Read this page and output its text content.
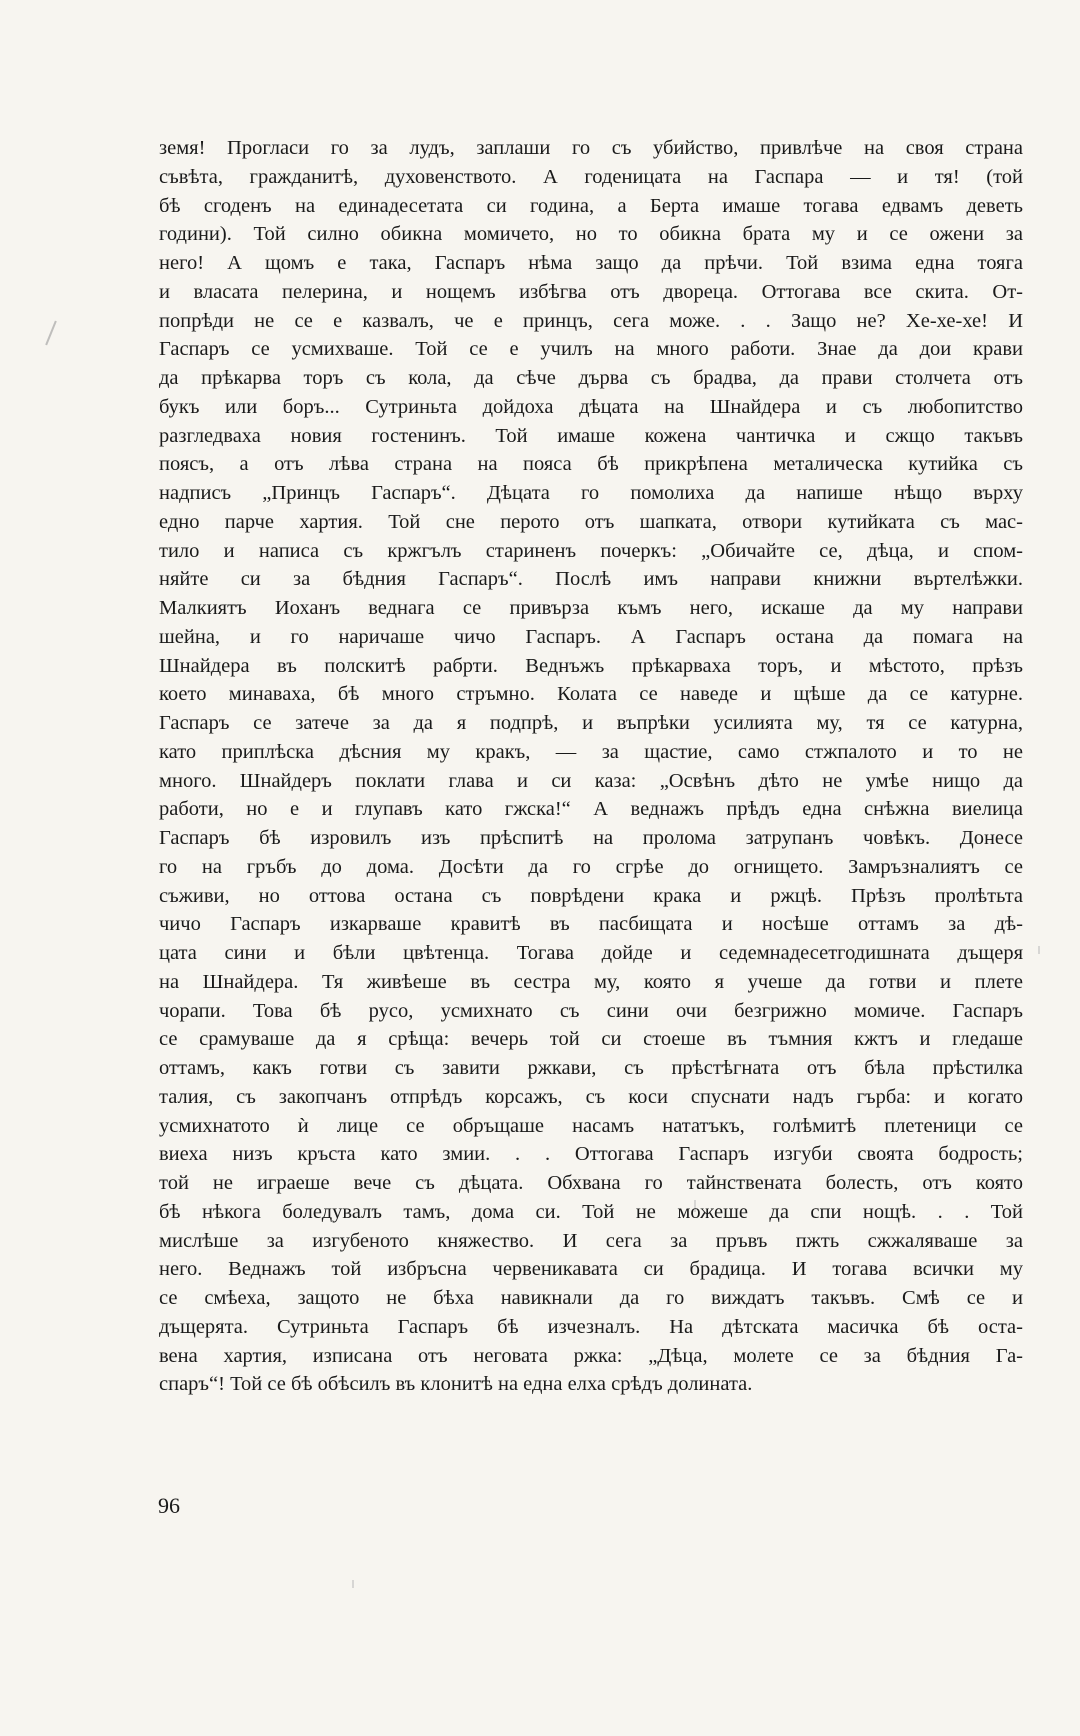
земя! Прогласи го за лудъ, заплаши го съ убийство, привлѣче на своя страна
съвѣта, гражданитѣ, духовенството. А годеницата на Гаспара — и тя! (той
бѣ сгоденъ на единадесетата си година, а Берта имаше тогава едвамъ деветь
години). Той силно обикна момичето, но то обикна брата му и се ожени за
него! А щомъ е така, Гаспаръ нѣма защо да прѣчи. Той взима една тояга
и власата пелерина, и нощемъ избѣгва отъ двореца. Оттогава все скита. От-
попрѣди не се е казвалъ, че е принцъ, сега може. . . Защо не? Хе-хе-хе! И
Гаспаръ се усмихваше. Той се е училъ на много работи. Знае да дои крави
да прѣкарва торъ съ кола, да сѣче дърва съ брадва, да прави столчета отъ
букъ или боръ... Сутриньта дойдоха дѣцата на Шнайдера и съ любопитство
разгледваха новия гостенинъ. Той имаше кожена чантичка и сжщо такъвъ
поясъ, а отъ лѣва страна на пояса бѣ прикрѣпена металическа кутийка съ
надписъ „Принцъ Гаспаръ“. Дѣцата го помолиха да напише нѣщо върху
едно парче хартия. Той сне перото отъ шапката, отвори кутийката съ мас-
тило и написа съ кржгълъ стариненъ почеркъ: „Обичайте се, дѣца, и спом-
няйте си за бѣдния Гаспаръ“. Послѣ имъ направи книжни въртелѣжки.
Малкиятъ Иоханъ веднага се привърза къмъ него, искаше да му направи
шейна, и го наричаше чичо Гаспаръ. А Гаспаръ остана да помага на
Шнайдера въ полскитѣ рабрти. Веднъжъ прѣкарваха торъ, и мѣстото, прѣзъ
което минаваха, бѣ много стръмно. Колата се наведе и щѣше да се катурне.
Гаспаръ се затече за да я подпрѣ, и въпрѣки усилията му, тя се катурна,
като приплѣска дѣсния му кракъ, — за щастие, само стжпалото и то не
много. Шнайдеръ поклати глава и си каза: „Освѣнъ дѣто не умѣе нищо да
работи, но е и глупавъ като гжска!“ А веднажъ прѣдъ една снѣжна виелица
Гаспаръ бѣ изровилъ изъ прѣспитѣ на пролома затрупанъ човѣкъ. Донесе
го на гръбъ до дома. Досѣти да го сгрѣе до огнището. Замръзналиятъ се
съживи, но оттова остана съ поврѣдени крака и ржцѣ. Прѣзъ пролѣтьта
чичо Гаспаръ изкарваше кравитѣ въ пасбищата и носѣше оттамъ за дѣ-
цата сини и бѣли цвѣтенца. Тогава дойде и седемнадесетгодишната дъщеря
на Шнайдера. Тя живѣеше въ сестра му, която я учеше да готви и плете
чорапи. Това бѣ русо, усмихнато съ сини очи безгрижно момиче. Гаспаръ
се срамуваше да я срѣща: вечерь той си стоеше въ тъмния кжтъ и гледаше
оттамъ, какъ готви съ завити ржкави, съ прѣстѣгната отъ бѣла прѣстилка
талия, съ закопчанъ отпрѣдъ корсажъ, съ коси спуснати надъ гърба: и когато
усмихнатото ѝ лице се обръщаше насамъ нататъкъ, голѣмитѣ плетеници се
виеха низъ кръста като змии. . . Оттогава Гаспаръ изгуби своята бодрость;
той не играеше вече съ дѣцата. Обхвана го тайнствената болесть, отъ която
бѣ нѣкога боледувалъ тамъ, дома си. Той не можеше да спи нощѣ. . . Той
мислѣше за изгубеното княжество. И сега за пръвъ пжть сжжаляваше за
него. Веднажъ той избръсна червеникавата си брадица. И тогава всички му
се смѣеха, защото не бѣха навикнали да го виждатъ такъвъ. Смѣ се и
дъщерята. Сутриньта Гаспаръ бѣ изчезналъ. На дѣтската масичка бѣ оста-
вена хартия, изписана отъ неговата ржка: „Дѣца, молете се за бѣдния Га-
спаръ“! Той се бѣ обѣсилъ въ клонитѣ на една елха срѣдъ долината.
96
